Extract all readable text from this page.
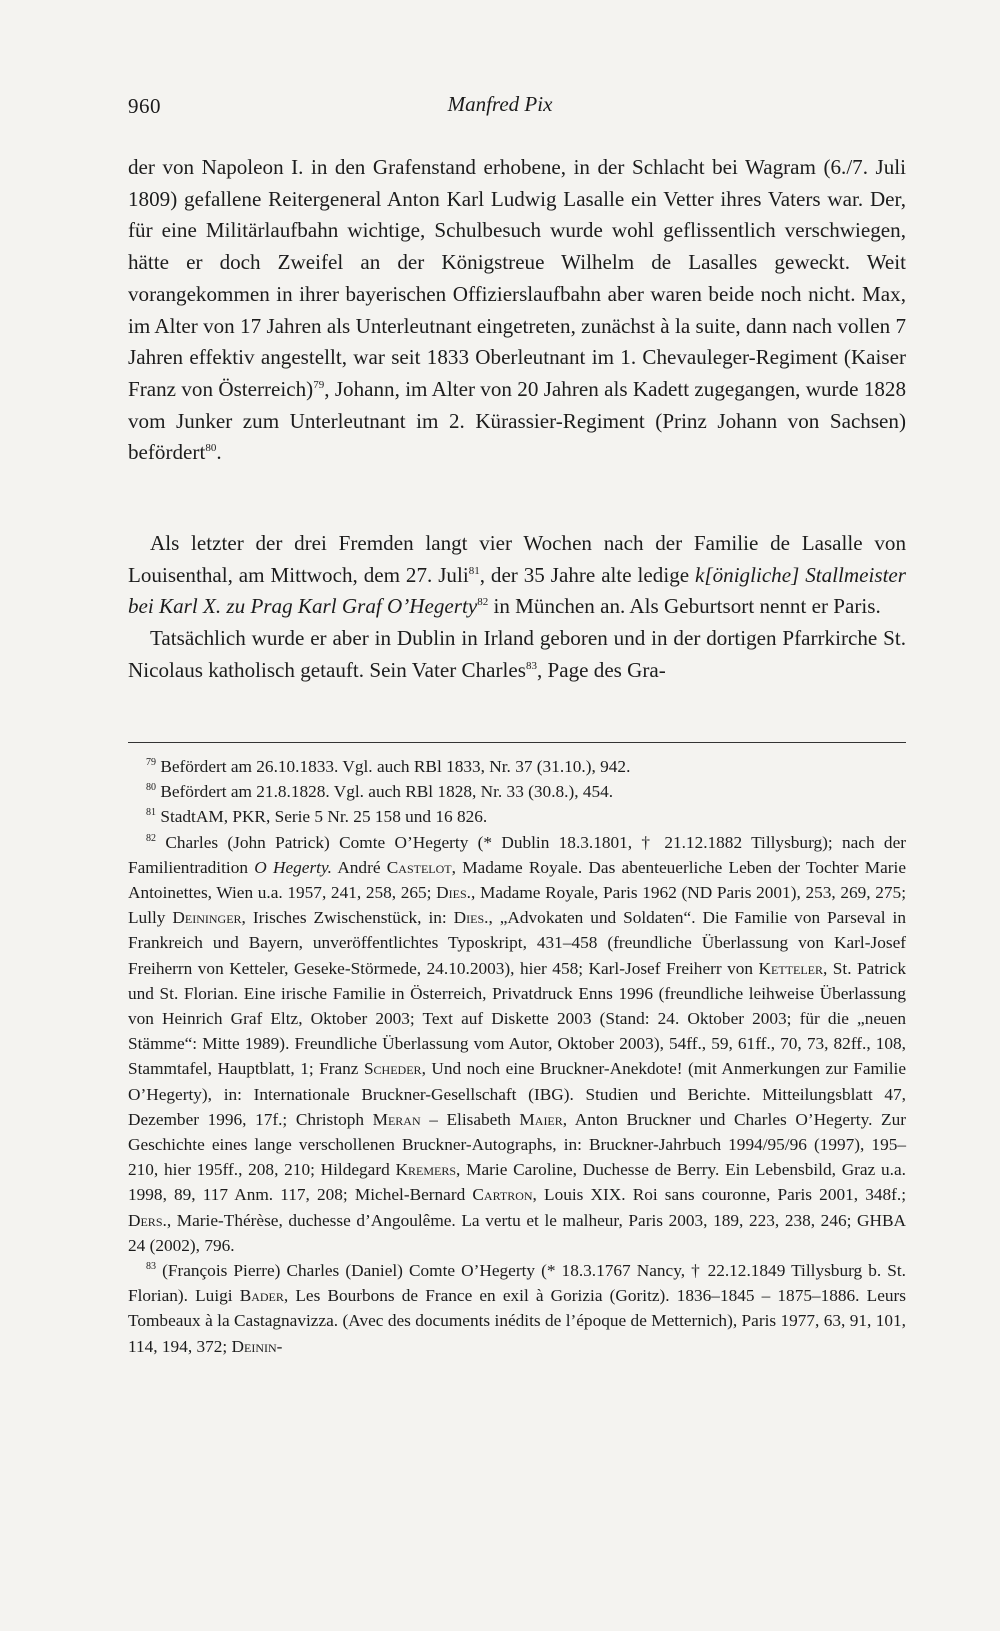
960	Manfred Pix

der von Napoleon I. in den Grafenstand erhobene, in der Schlacht bei Wagram (6./7. Juli 1809) gefallene Reitergeneral Anton Karl Ludwig Lasalle ein Vetter ihres Vaters war. Der, für eine Militärlaufbahn wichtige, Schulbesuch wurde wohl geflissentlich verschwiegen, hätte er doch Zweifel an der Königstreue Wilhelm de Lasalles geweckt. Weit vorangekommen in ihrer bayerischen Offizierslaufbahn aber waren beide noch nicht. Max, im Alter von 17 Jahren als Unterleutnant eingetreten, zunächst à la suite, dann nach vollen 7 Jahren effektiv angestellt, war seit 1833 Oberleutnant im 1. Chevauleger-Regiment (Kaiser Franz von Österreich)$^{79}$, Johann, im Alter von 20 Jahren als Kadett zugegangen, wurde 1828 vom Junker zum Unterleutnant im 2. Kürassier-Regiment (Prinz Johann von Sachsen) befördert$^{80}$.

Als letzter der drei Fremden langt vier Wochen nach der Familie de Lasalle von Louisenthal, am Mittwoch, dem 27. Juli$^{81}$, der 35 Jahre alte ledige k[önigliche] Stallmeister bei Karl X. zu Prag Karl Graf O’Hegerty$^{82}$ in München an. Als Geburtsort nennt er Paris.

Tatsächlich wurde er aber in Dublin in Irland geboren und in der dortigen Pfarrkirche St. Nicolaus katholisch getauft. Sein Vater Charles$^{83}$, Page des Gra-

$^{79}$ Befördert am 26.10.1833. Vgl. auch RBl 1833, Nr. 37 (31.10.), 942.

$^{80}$ Befördert am 21.8.1828. Vgl. auch RBl 1828, Nr. 33 (30.8.), 454.

$^{81}$ StadtAM, PKR, Serie 5 Nr. 25 158 und 16 826.

$^{82}$ Charles (John Patrick) Comte O’Hegerty (* Dublin 18.3.1801, † 21.12.1882 Tillysburg); nach der Familientradition O Hegerty. André Castelot, Madame Royale. Das abenteuerliche Leben der Tochter Marie Antoinettes, Wien u.a. 1957, 241, 258, 265; Dies., Madame Royale, Paris 1962 (ND Paris 2001), 253, 269, 275; Lully Deininger, Irisches Zwischenstück, in: Dies., „Advokaten und Soldaten“. Die Familie von Parseval in Frankreich und Bayern, unveröffentlichtes Typoskript, 431–458 (freundliche Überlassung von Karl-Josef Freiherrn von Ketteler, Geseke-Störmede, 24.10.2003), hier 458; Karl-Josef Freiherr von Ketteler, St. Patrick und St. Florian. Eine irische Familie in Österreich, Privatdruck Enns 1996 (freundliche leihweise Überlassung von Heinrich Graf Eltz, Oktober 2003; Text auf Diskette 2003 (Stand: 24. Oktober 2003; für die „neuen Stämme“: Mitte 1989). Freundliche Überlassung vom Autor, Oktober 2003), 54ff., 59, 61ff., 70, 73, 82ff., 108, Stammtafel, Hauptblatt, 1; Franz Scheder, Und noch eine Bruckner-Anekdote! (mit Anmerkungen zur Familie O’Hegerty), in: Internationale Bruckner-Gesellschaft (IBG). Studien und Berichte. Mitteilungsblatt 47, Dezember 1996, 17f.; Christoph Meran – Elisabeth Maier, Anton Bruckner und Charles O’Hegerty. Zur Geschichte eines lange verschollenen Bruckner-Autographs, in: Bruckner-Jahrbuch 1994/95/96 (1997), 195–210, hier 195ff., 208, 210; Hildegard Kremers, Marie Caroline, Duchesse de Berry. Ein Lebensbild, Graz u.a. 1998, 89, 117 Anm. 117, 208; Michel-Bernard Cartron, Louis XIX. Roi sans couronne, Paris 2001, 348f.; Ders., Marie-Thérèse, duchesse d’Angoulême. La vertu et le malheur, Paris 2003, 189, 223, 238, 246; GHBA 24 (2002), 796.

$^{83}$ (François Pierre) Charles (Daniel) Comte O’Hegerty (* 18.3.1767 Nancy, † 22.12.1849 Tillysburg b. St. Florian). Luigi Bader, Les Bourbons de France en exil à Gorizia (Goritz). 1836–1845 – 1875–1886. Leurs Tombeaux à la Castagnavizza. (Avec des documents inédits de l’époque de Metternich), Paris 1977, 63, 91, 101, 114, 194, 372; Deinin-
